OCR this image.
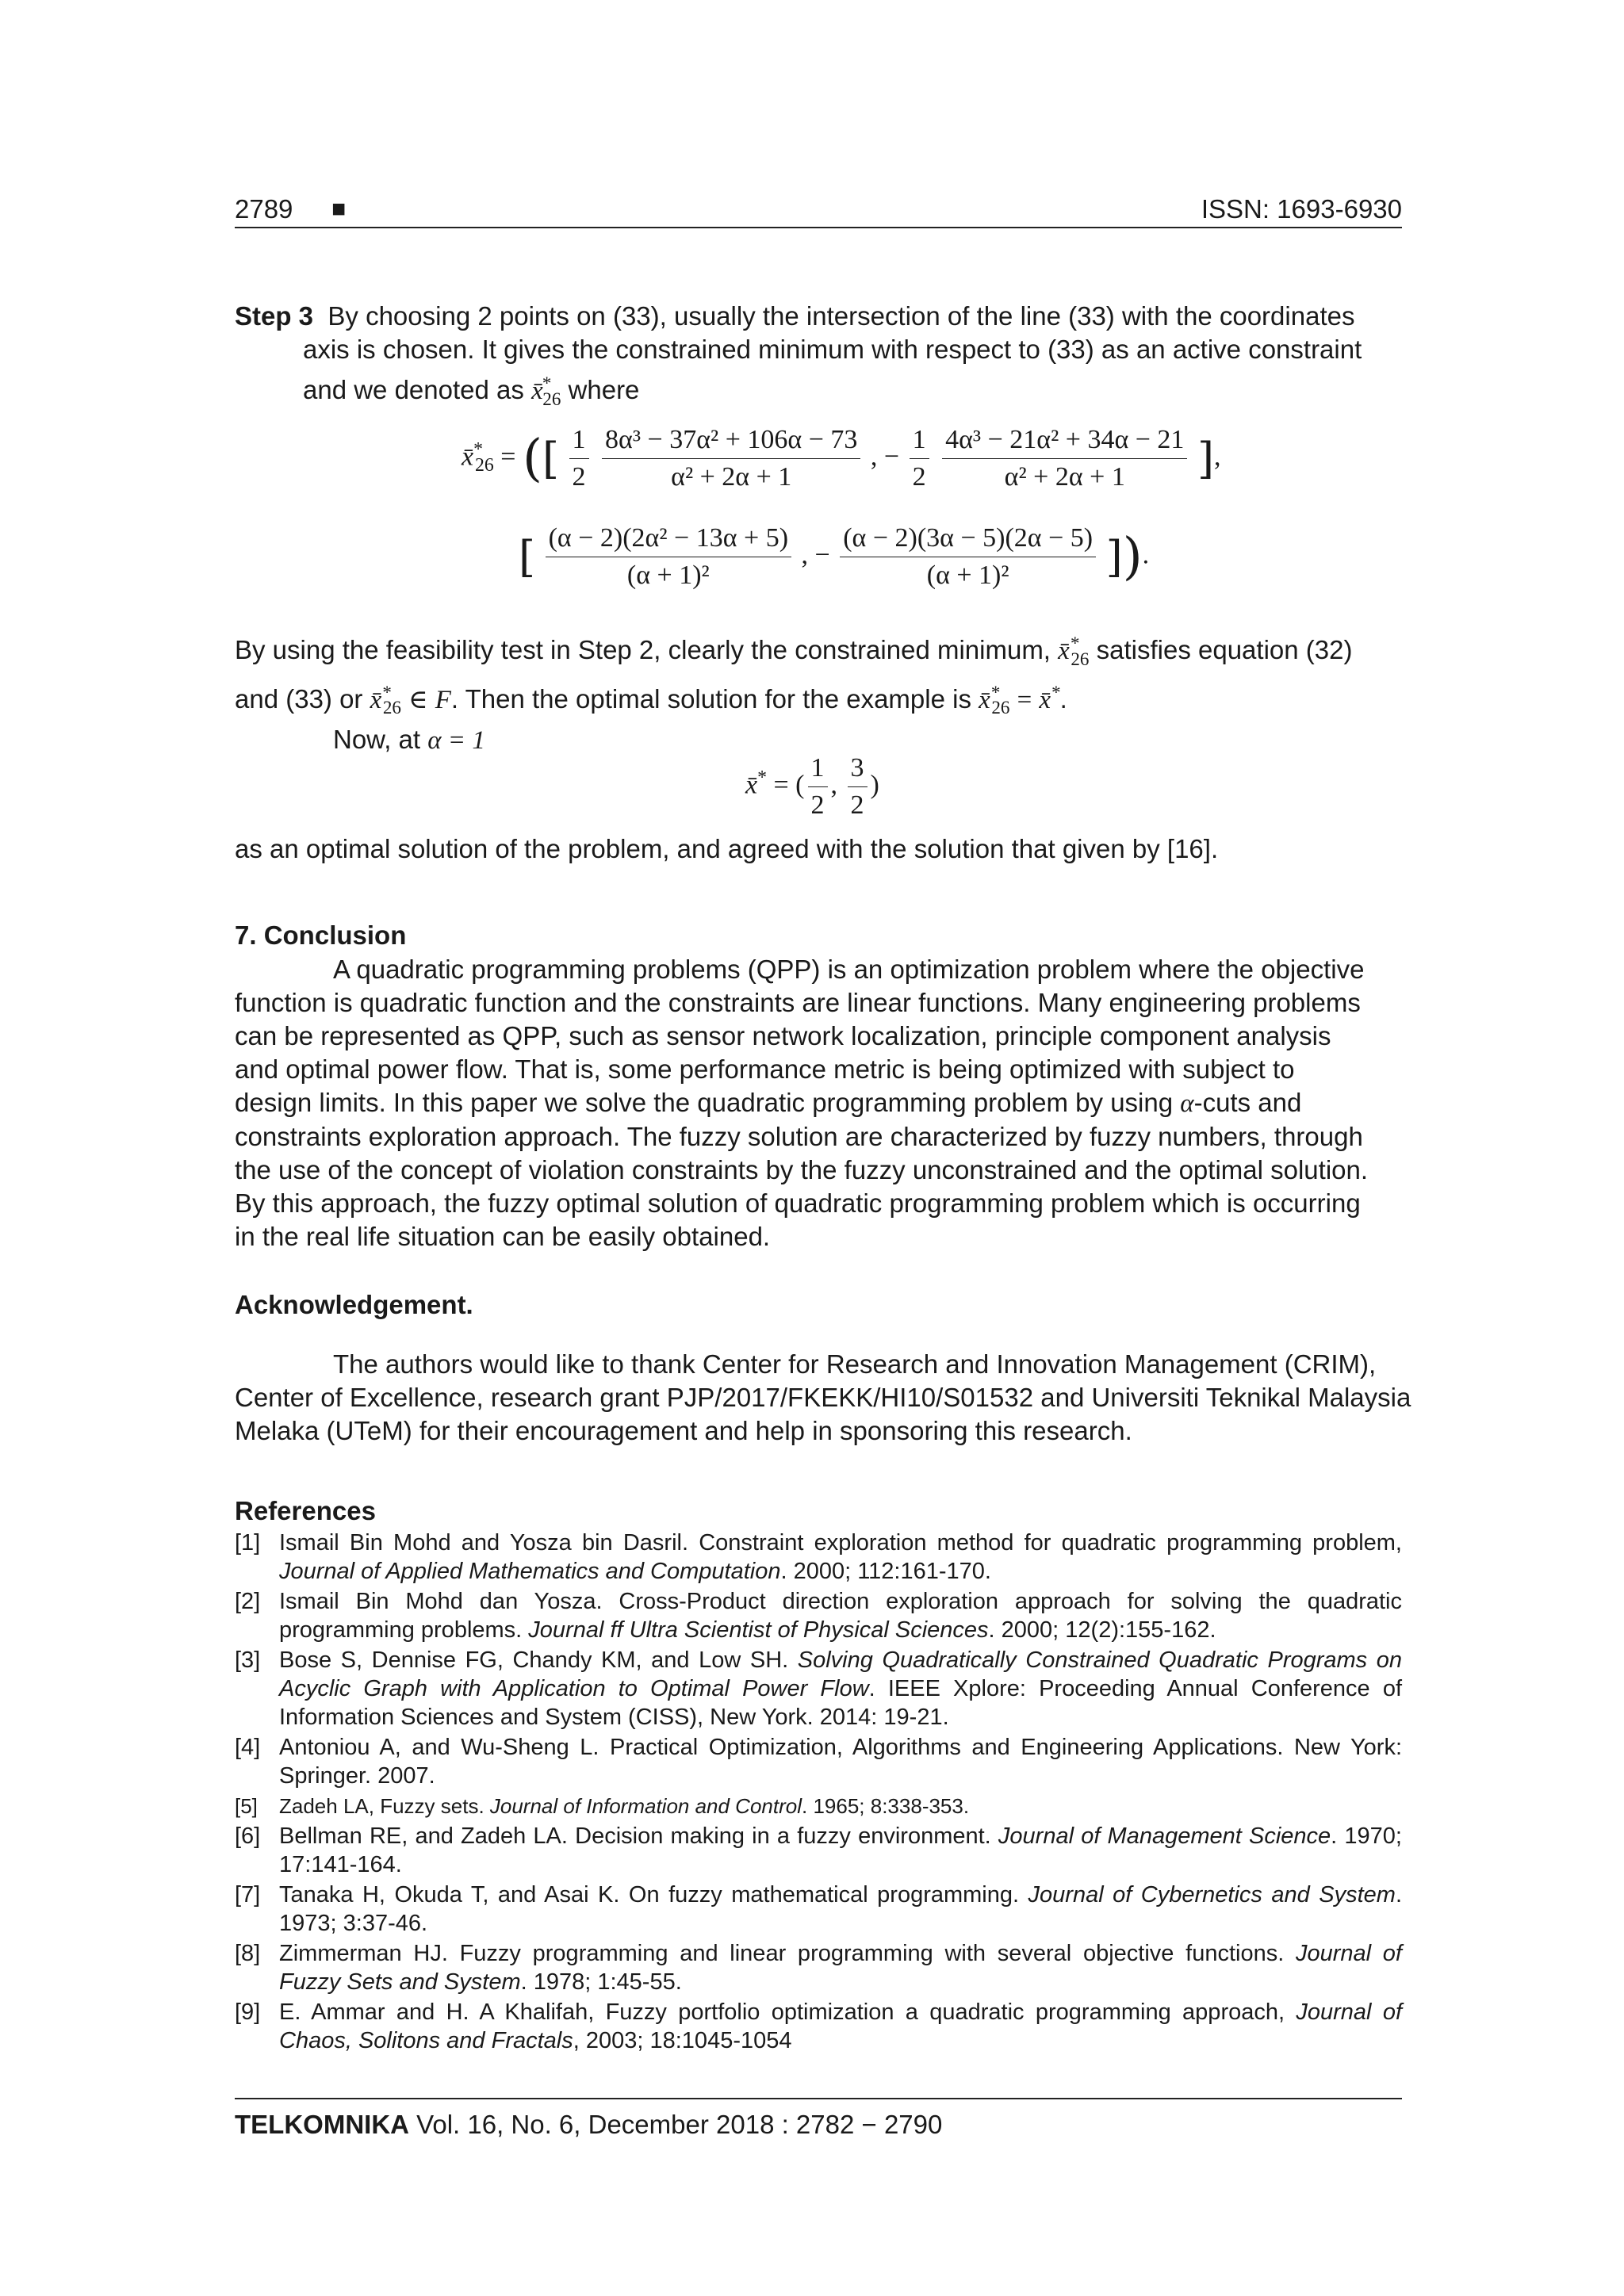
2789 ■	ISSN: 1693-6930
Step 3 By choosing 2 points on (33), usually the intersection of the line (33) with the coordinates
axis is chosen. It gives the constrained minimum with respect to (33) as an active constraint
and we denoted as $x̄^*_{26}$ where
$x̄^*_{26}$ = ([ $\frac{1}{2}$
$\frac{\text{8α³ − 37α² + 106α − 73}}{\text{α² + 2α + 1}}$ , − $\frac{1}{2}$
$\frac{\text{4α³ − 21α² + 34α − 21}}{\text{α² + 2α + 1}}$ ],
[ $\frac{\text{(α − 2)(2α² − 13α + 5)}}{\text{(α + 1)²}}$ , − $\frac{(\alpha - 2)(3\alpha - 5)(2\alpha - 5)}{\text{(α + 1)²}}$ ]).
By using the feasibility test in Step 2, clearly the constrained minimum, $x̄^*_{26}$ satisfies equation (32)
and (33) or $x̄^*_{26}$ ∈ F. Then the optimal solution for the example is $x̄^*_{26}$ = x̄*.
Now, at α = 1
x̄* = ( $\frac{1}{2}$ , $\frac{3}{2}$ )
as an optimal solution of the problem, and agreed with the solution that given by [16].
7. Conclusion
A quadratic programming problems (QPP) is an optimization problem where the objective
function is quadratic function and the constraints are linear functions. Many engineering problems
can be represented as QPP, such as sensor network localization, principle component analysis
and optimal power flow. That is, some performance metric is being optimized with subject to
design limits. In this paper we solve the quadratic programming problem by using α-cuts and
constraints exploration approach. The fuzzy solution are characterized by fuzzy numbers, through
the use of the concept of violation constraints by the fuzzy unconstrained and the optimal solution.
By this approach, the fuzzy optimal solution of quadratic programming problem which is occurring
in the real life situation can be easily obtained.
Acknowledgement.
The authors would like to thank Center for Research and Innovation Management (CRIM),
Center of Excellence, research grant PJP/2017/FKEKK/HI10/S01532 and Universiti Teknikal Malaysia
Melaka (UTeM) for their encouragement and help in sponsoring this research.
References
[1] Ismail Bin Mohd and Yosza bin Dasril. Constraint exploration method for quadratic programming problem, Journal of Applied Mathematics and Computation. 2000; 112:161-170.
[2] Ismail Bin Mohd dan Yosza. Cross-Product direction exploration approach for solving the quadratic programming problems. Journal ff Ultra Scientist of Physical Sciences. 2000; 12(2):155-162.
[3] Bose S, Dennise FG, Chandy KM, and Low SH. Solving Quadratically Constrained Quadratic Programs on Acyclic Graph with Application to Optimal Power Flow. IEEE Xplore: Proceeding Annual Conference of Information Sciences and System (CISS), New York. 2014: 19-21.
[4] Antoniou A, and Wu-Sheng L. Practical Optimization, Algorithms and Engineering Applications. New York: Springer. 2007.
[5] Zadeh LA, Fuzzy sets. Journal of Information and Control. 1965; 8:338-353.
[6] Bellman RE, and Zadeh LA. Decision making in a fuzzy environment. Journal of Management Science. 1970; 17:141-164.
[7] Tanaka H, Okuda T, and Asai K. On fuzzy mathematical programming. Journal of Cybernetics and System. 1973; 3:37-46.
[8] Zimmerman HJ. Fuzzy programming and linear programming with several objective functions. Journal of Fuzzy Sets and System. 1978; 1:45-55.
[9] E. Ammar and H. A Khalifah, Fuzzy portfolio optimization a quadratic programming approach, Journal of Chaos, Solitons and Fractals, 2003; 18:1045-1054
TELKOMNIKA Vol. 16, No. 6, December 2018 : 2782 − 2790
